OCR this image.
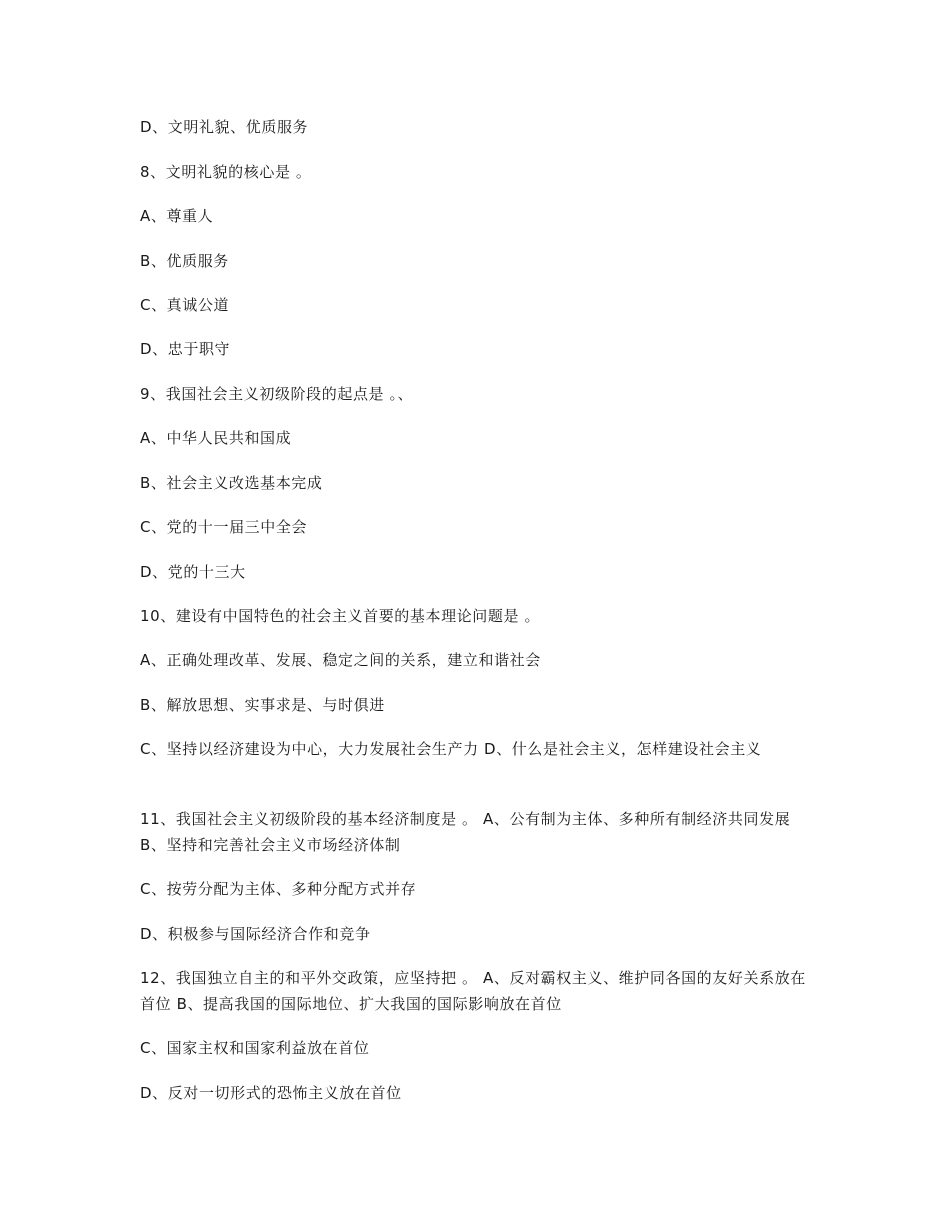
D、文明礼貌、优质服务
8、文明礼貌的核心是 。
A、尊重人
B、优质服务
C、真诚公道
D、忠于职守
9、我国社会主义初级阶段的起点是 。、
A、中华人民共和国成
B、社会主义改选基本完成
C、党的十一届三中全会
D、党的十三大
10、建设有中国特色的社会主义首要的基本理论问题是 。
A、正确处理改革、发展、稳定之间的关系，建立和谐社会
B、解放思想、实事求是、与时俱进
C、坚持以经济建设为中心，大力发展社会生产力 D、什么是社会主义，怎样建设社会主义
11、我国社会主义初级阶段的基本经济制度是 。 A、公有制为主体、多种所有制经济共同发展 B、坚持和完善社会主义市场经济体制
C、按劳分配为主体、多种分配方式并存
D、积极参与国际经济合作和竞争
12、我国独立自主的和平外交政策，应坚持把 。 A、反对霸权主义、维护同各国的友好关系放在首位 B、提高我国的国际地位、扩大我国的国际影响放在首位
C、国家主权和国家利益放在首位
D、反对一切形式的恐怖主义放在首位
